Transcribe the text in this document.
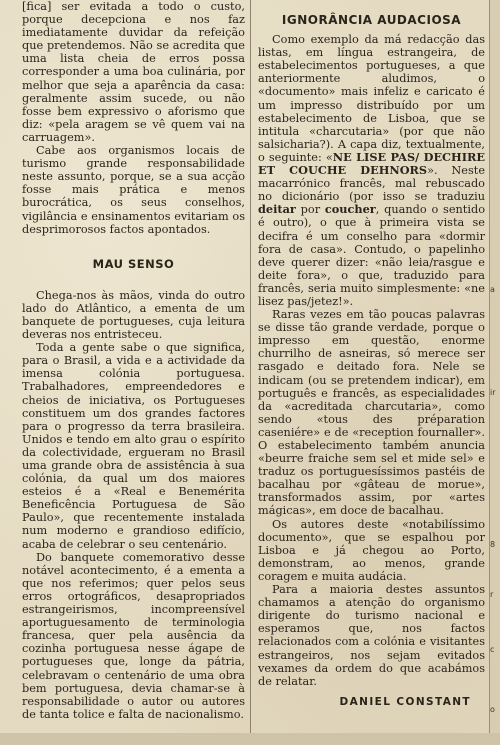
a
ir
8
r
c
o

[fica] ser evitada a todo o custo, porque decepciona e nos faz imediatamente duvidar da refeição que pretendemos. Não se acredita que uma lista cheia de erros possa corresponder a uma boa culinária, por melhor que seja a aparência da casa: geralmente assim sucede, ou não fosse bem expressivo o aforismo que diz: «pela aragem se vê quem vai na carruagem».

Cabe aos organismos locais de turismo grande responsabilidade neste assunto, porque, se a sua acção fosse mais prática e menos burocrática, os seus conselhos, vigilância e ensinamentos evitariam os desprimorosos factos apontados.

MAU SENSO

Chega-nos às mãos, vinda do outro lado do Atlântico, a ementa de um banquete de portugueses, cuja leitura deveras nos entristeceu.

Toda a gente sabe o que significa, para o Brasil, a vida e a actividade da imensa colónia portuguesa. Trabalhadores, empreendedores e cheios de iniciativa, os Portugueses constituem um dos grandes factores para o progresso da terra brasileira. Unidos e tendo em alto grau o espírito da colectividade, ergueram no Brasil uma grande obra de assistência à sua colónia, da qual um dos maiores esteios é a «Real e Benemérita Beneficência Portuguesa de São Paulo», que recentemente instalada num moderno e grandioso edifício, acaba de celebrar o seu centenário.

Do banquete comemorativo desse notável acontecimento, é a ementa a que nos referimos; quer pelos seus erros ortográficos, desapropriados estrangeirismos, incompreensível aportuguesamento de terminologia francesa, quer pela ausência da cozinha portuguesa nesse ágape de portugueses que, longe da pátria, celebravam o centenário de uma obra bem portuguesa, devia chamar-se à responsabilidade o autor ou autores de tanta tolice e falta de nacionalismo.

IGNORÂNCIA AUDACIOSA

Como exemplo da má redacção das listas, em língua estrangeira, de estabelecimentos portugueses, a que anteriormente aludimos, o «documento» mais infeliz e caricato é um impresso distribuído por um estabelecimento de Lisboa, que se intitula «charcutaria» (por que não salsicharia?). A capa diz, textualmente, o seguinte: «NE LISE PAS/ DECHIRE ET COUCHE DEHNORS». Neste macarrónico francês, mal rebuscado no dicionário (por isso se traduziu deitar por coucher, quando o sentido é outro), o que à primeira vista se decifra é um conselho para «dormir fora de casa». Contudo, o papelinho deve querer dizer: «não leia/rasgue e deite fora», o que, traduzido para francês, seria muito simplesmente: «ne lisez pas/jetez!».

Raras vezes em tão poucas palavras se disse tão grande verdade, porque o impresso em questão, enorme churrilho de asneiras, só merece ser rasgado e deitado fora. Nele se indicam (ou se pretendem indicar), em português e francês, as especialidades da «acreditada charcutaria», como sendo «tous des préparation caseniére» e de «reception fournaller». O estabelecimento também anuncia «beurre fraiche sem sel et mide sel» e traduz os portuguesíssimos pastéis de bacalhau por «gâteau de morue», transformados assim, por «artes mágicas», em doce de bacalhau.

Os autores deste «notabilíssimo documento», que se espalhou por Lisboa e já chegou ao Porto, demonstram, ao menos, grande coragem e muita audácia.

Para a maioria destes assuntos chamamos a atenção do organismo dirigente do turismo nacional e esperamos que, nos factos relacionados com a colónia e visitantes estrangeiros, nos sejam evitados vexames da ordem do que acabámos de relatar.

DANIEL CONSTANT
